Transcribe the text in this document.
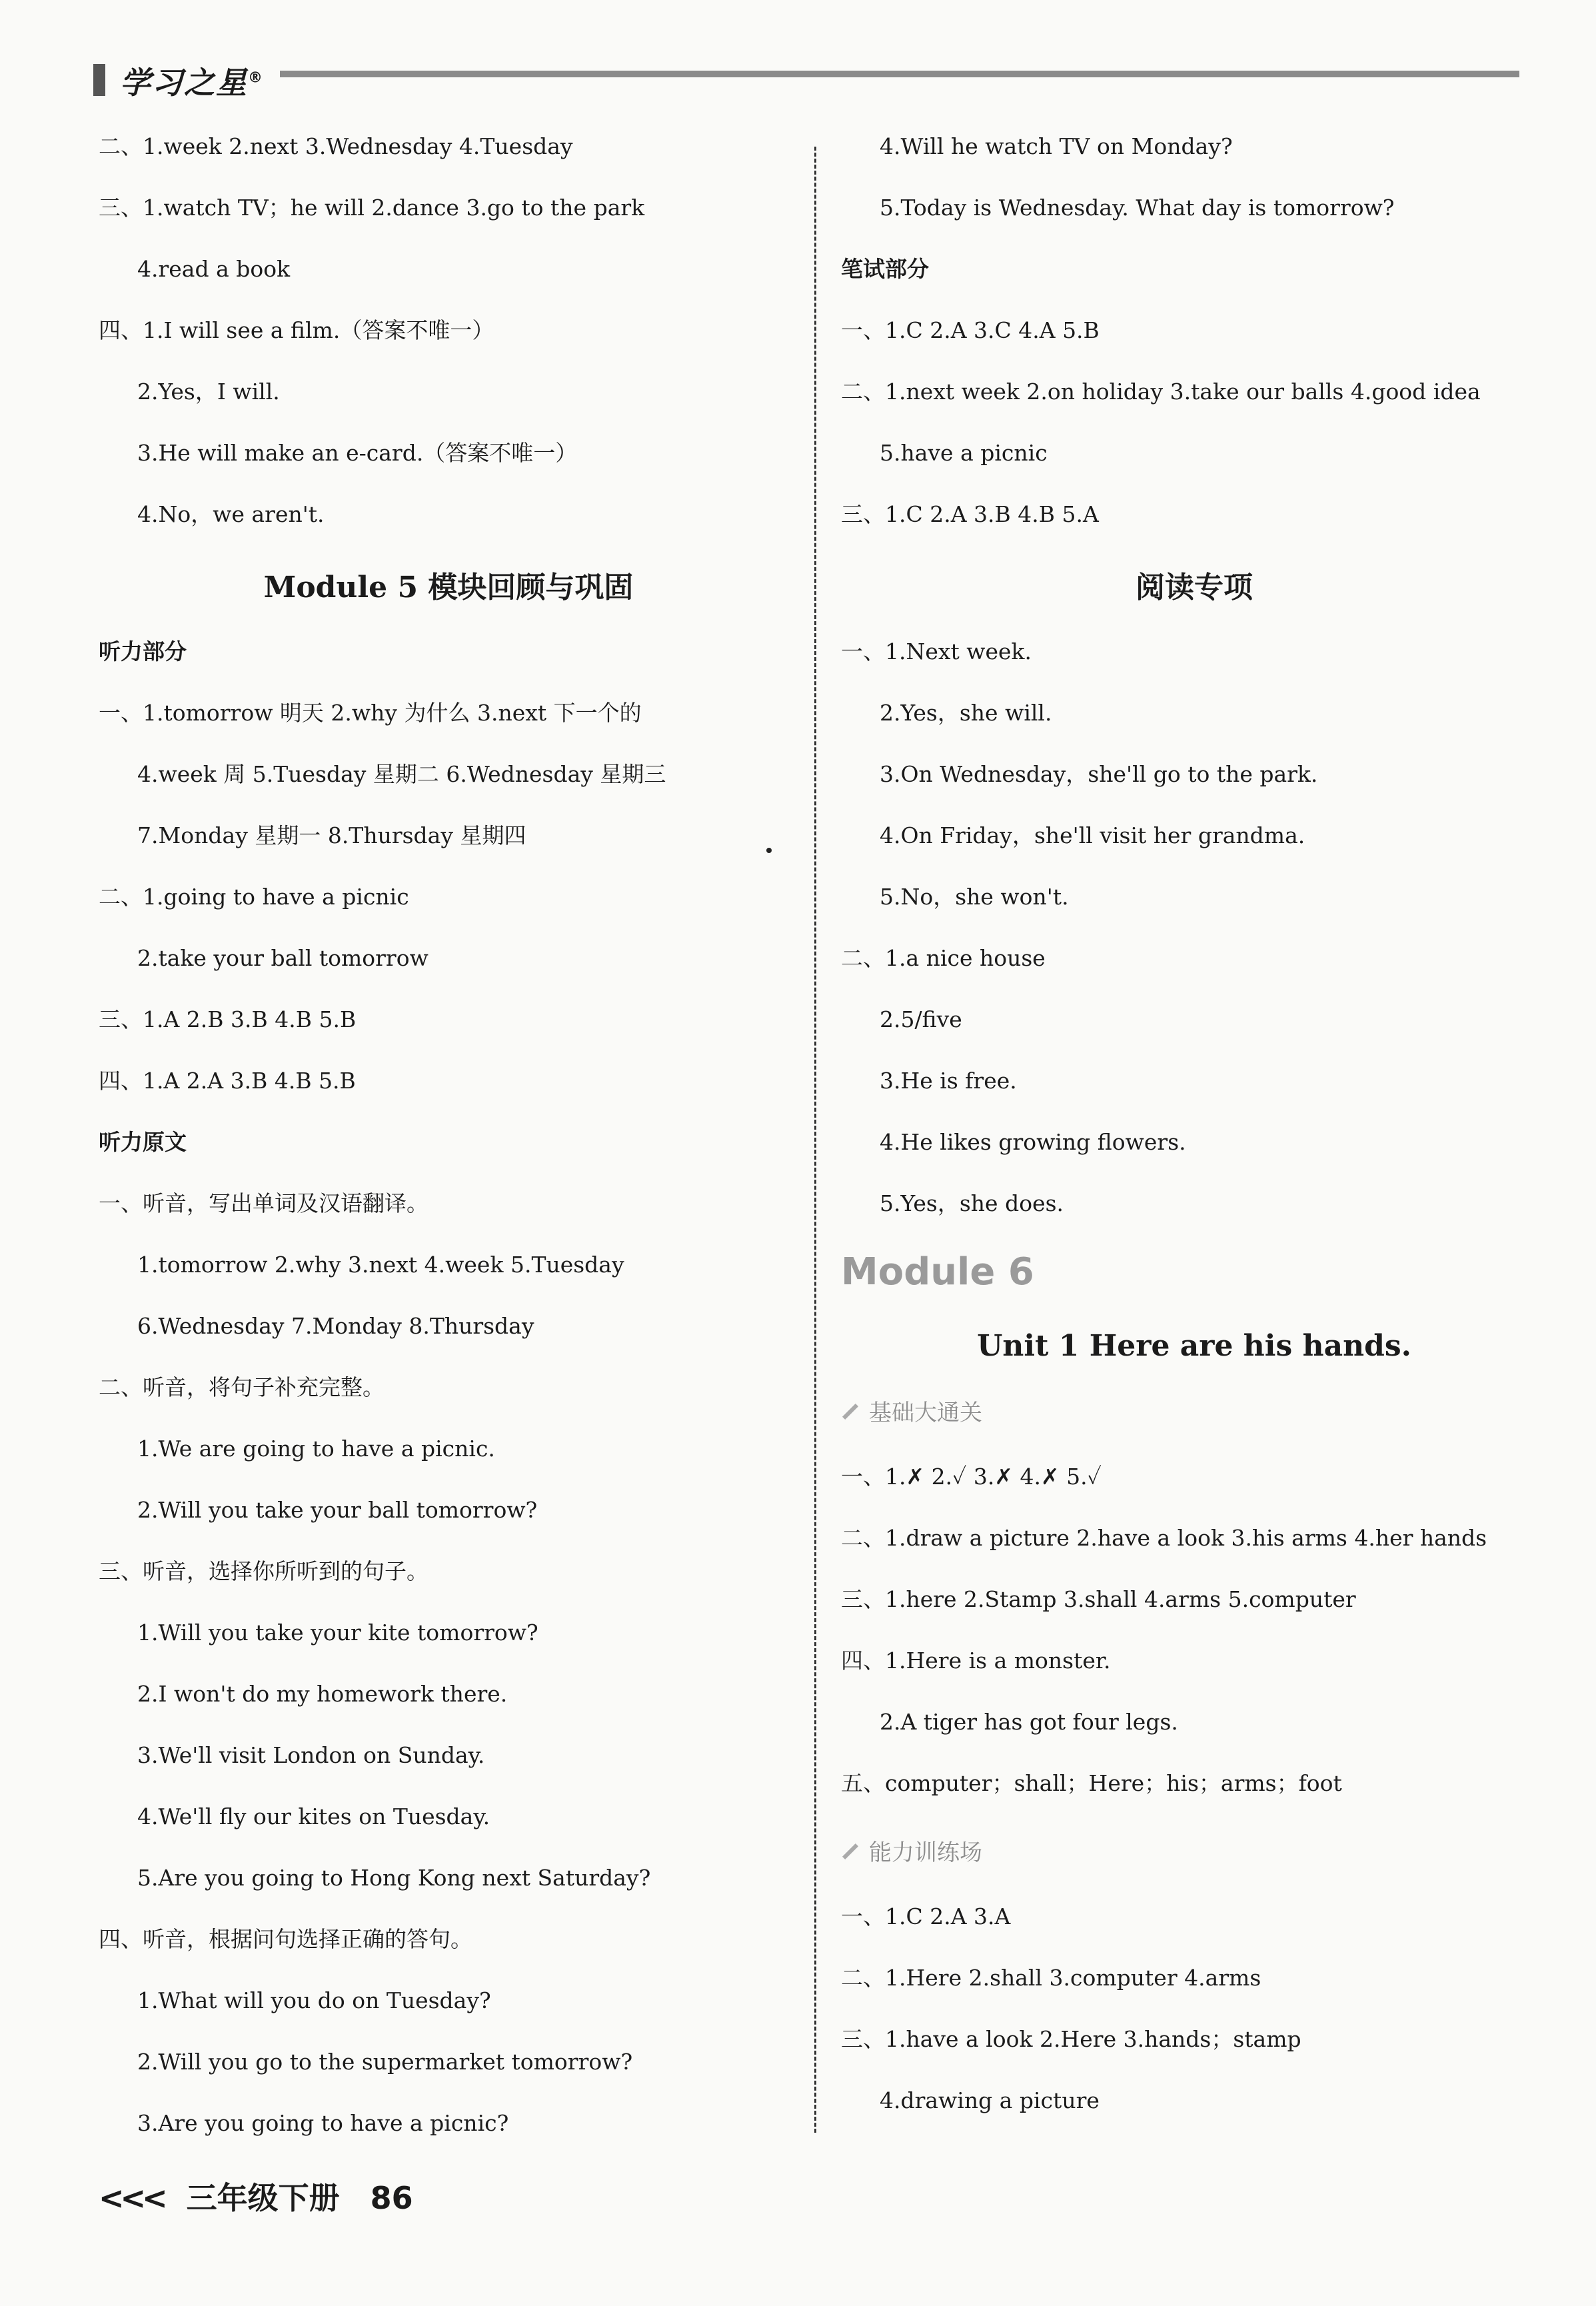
学习之星®
二、1.week 2.next 3.Wednesday 4.Tuesday
三、1.watch TV；he will 2.dance 3.go to the park
4.read a book
四、1.I will see a film.（答案不唯一）
2.Yes，I will.
3.He will make an e-card.（答案不唯一）
4.No，we aren't.
Module 5 模块回顾与巩固
听力部分
一、1.tomorrow 明天 2.why 为什么 3.next 下一个的
4.week 周 5.Tuesday 星期二 6.Wednesday 星期三
7.Monday 星期一 8.Thursday 星期四
二、1.going to have a picnic
2.take your ball tomorrow
三、1.A 2.B 3.B 4.B 5.B
四、1.A 2.A 3.B 4.B 5.B
听力原文
一、听音，写出单词及汉语翻译。
1.tomorrow 2.why 3.next 4.week 5.Tuesday
6.Wednesday 7.Monday 8.Thursday
二、听音，将句子补充完整。
1.We are going to have a picnic.
2.Will you take your ball tomorrow?
三、听音，选择你所听到的句子。
1.Will you take your kite tomorrow?
2.I won't do my homework there.
3.We'll visit London on Sunday.
4.We'll fly our kites on Tuesday.
5.Are you going to Hong Kong next Saturday?
四、听音，根据问句选择正确的答句。
1.What will you do on Tuesday?
2.Will you go to the supermarket tomorrow?
3.Are you going to have a picnic?
4.Will he watch TV on Monday?
5.Today is Wednesday. What day is tomorrow?
笔试部分
一、1.C 2.A 3.C 4.A 5.B
二、1.next week 2.on holiday 3.take our balls 4.good idea
5.have a picnic
三、1.C 2.A 3.B 4.B 5.A
阅读专项
一、1.Next week.
2.Yes，she will.
3.On Wednesday，she'll go to the park.
4.On Friday，she'll visit her grandma.
5.No，she won't.
二、1.a nice house
2.5/five
3.He is free.
4.He likes growing flowers.
5.Yes，she does.
Module 6
Unit 1 Here are his hands.
基础大通关
一、1.✗ 2.✓ 3.✗ 4.✗ 5.✓
二、1.draw a picture 2.have a look 3.his arms 4.her hands
三、1.here 2.Stamp 3.shall 4.arms 5.computer
四、1.Here is a monster.
2.A tiger has got four legs.
五、computer；shall；Here；his；arms；foot
能力训练场
一、1.C 2.A 3.A
二、1.Here 2.shall 3.computer 4.arms
三、1.have a look 2.Here 3.hands；stamp
4.drawing a picture
<<< 三年级下册 86
